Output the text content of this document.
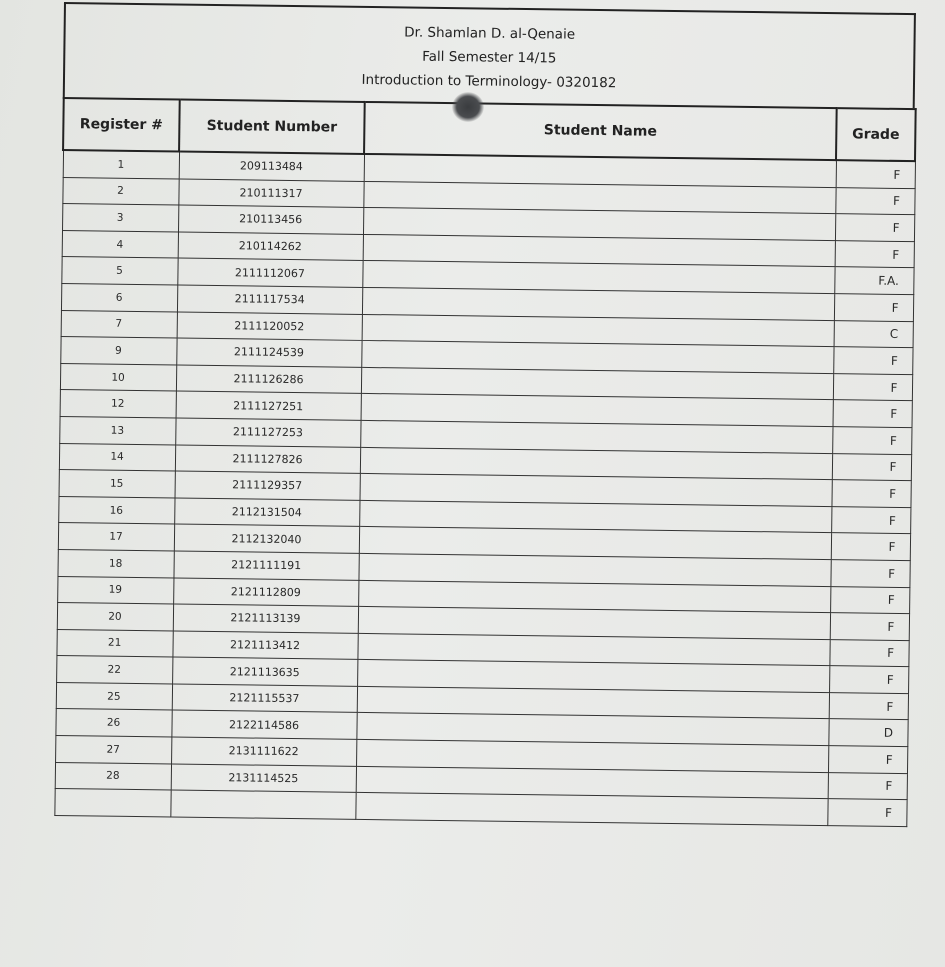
Dr. Shamlan D. al-Qenaie
Fall Semester 14/15
Introduction to Terminology- 0320182
Register #	Student Number	Student Name	Grade
1	209113484		F
2	210111317		F
3	210113456		F
4	210114262		F
5	2111112067		F.A.
6	2111117534		F
7	2111120052		C
9	2111124539		F
10	2111126286		F
12	2111127251		F
13	2111127253		F
14	2111127826		F
15	2111129357		F
16	2112131504		F
17	2112132040		F
18	2121111191		F
19	2121112809		F
20	2121113139		F
21	2121113412		F
22	2121113635		F
25	2121115537		F
26	2122114586		D
27	2131111622		F
28	2131114525		F
			F
